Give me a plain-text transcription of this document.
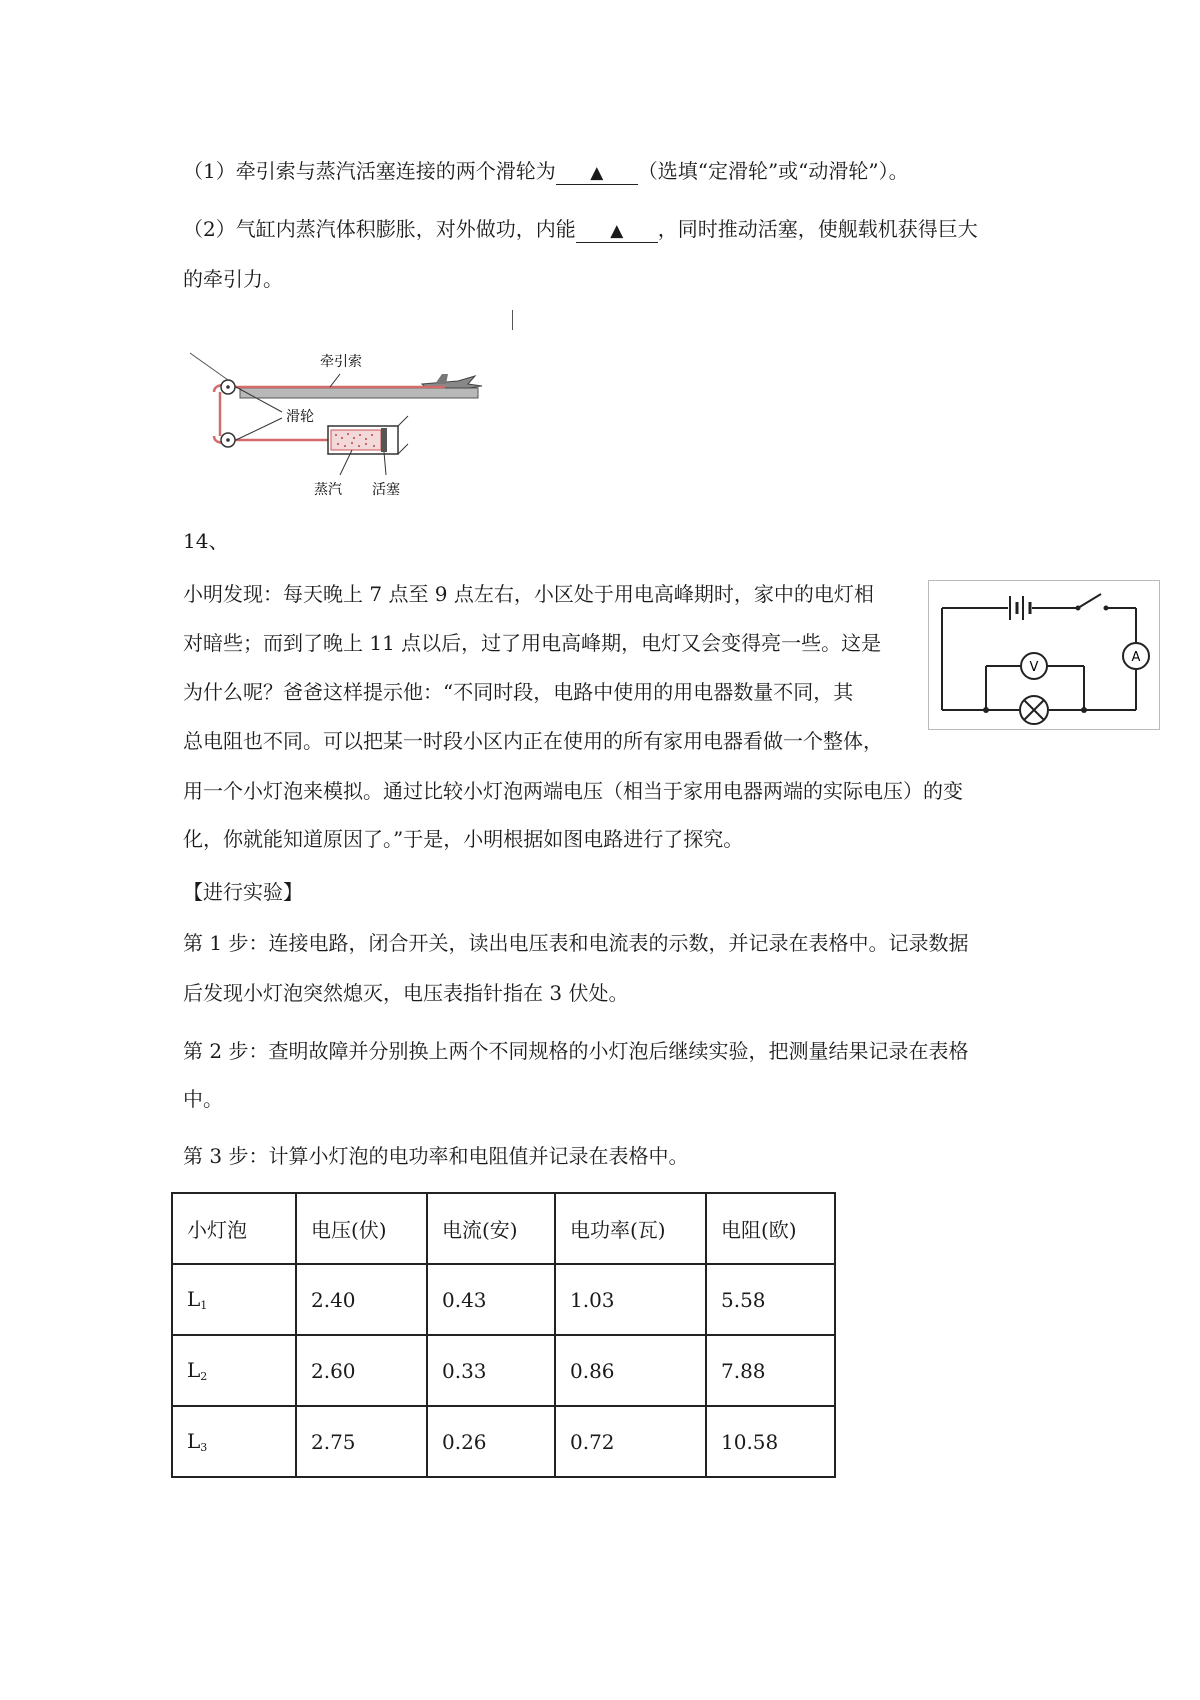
（1）牵引索与蒸汽活塞连接的两个滑轮为 ▲ （选填“定滑轮”或“动滑轮”）。
（2）气缸内蒸汽体积膨胀，对外做功，内能 ▲ ，同时推动活塞，使舰载机获得巨大
的牵引力。
牵引索
滑轮
蒸汽 活塞
14、
小明发现：每天晚上 7 点至 9 点左右，小区处于用电高峰期时，家中的电灯相
对暗些；而到了晚上 11 点以后，过了用电高峰期，电灯又会变得亮一些。这是
为什么呢？爸爸这样提示他：“不同时段，电路中使用的用电器数量不同，其
总电阻也不同。可以把某一时段小区内正在使用的所有家用电器看做一个整体，
用一个小灯泡来模拟。通过比较小灯泡两端电压（相当于家用电器两端的实际电压）的变
化，你就能知道原因了。”于是，小明根据如图电路进行了探究。
A
V
【进行实验】
第 1 步：连接电路，闭合开关，读出电压表和电流表的示数，并记录在表格中。记录数据
后发现小灯泡突然熄灭，电压表指针指在 3 伏处。
第 2 步：查明故障并分别换上两个不同规格的小灯泡后继续实验，把测量结果记录在表格
中。
第 3 步：计算小灯泡的电功率和电阻值并记录在表格中。
小灯泡	电压(伏)	电流(安)	电功率(瓦)	电阻(欧)
$L_1$	2.40	0.43	1.03	5.58
$L_2$	2.60	0.33	0.86	7.88
$L_3$	2.75	0.26	0.72	10.58
